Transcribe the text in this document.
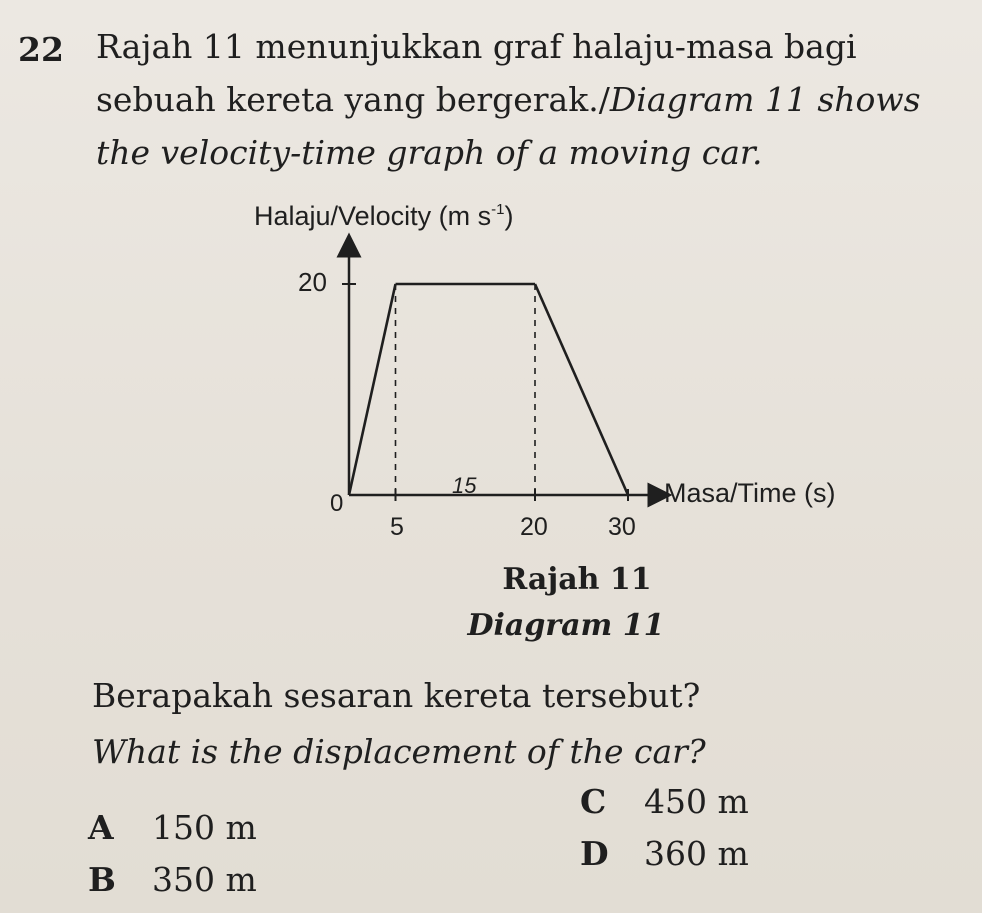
22 Rajah 11 menunjukkan graf halaju-masa bagi
sebuah kereta yang bergerak./Diagram 11 shows
the velocity-time graph of a moving car.
Halaju/Velocity (m $s^{-1}$)
0
20
5	20 30
15	Masa/Time (s)
Rajah 11
Diagram 11
Berapakah sesaran kereta tersebut?
What is the displacement of the car?
A 150 m
B 350 m
C 450 m
D 360 m
